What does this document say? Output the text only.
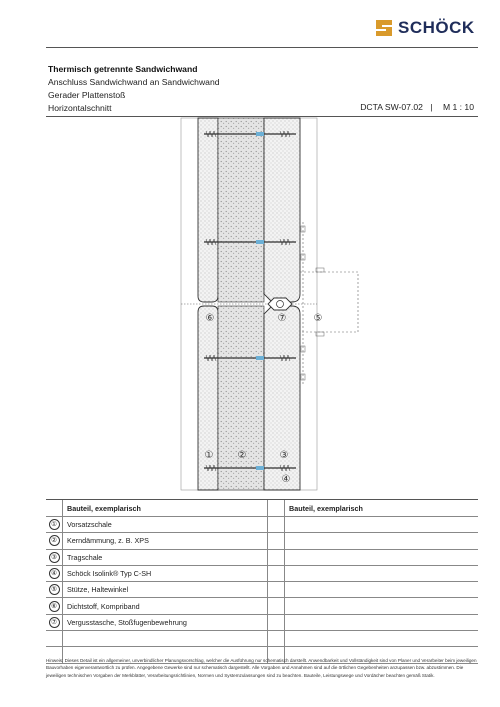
SCHÖCK
Thermisch getrennte Sandwichwand
Anschluss Sandwichwand an Sandwichwand
Gerader Plattenstoß
Horizontalschnitt	DCTA SW-07.02 | M 1 : 10
⑥	⑦	⑤
① ②	③
④
	Bauteil, exemplarisch		Bauteil, exemplarisch
①	Vorsatzschale		
②	Kerndämmung, z. B. XPS		
③	Tragschale		
④	Schöck Isolink® Typ C-SH		
⑤	Stütze, Haltewinkel		
⑥	Dichtstoff, Komprіband		
⑦	Vergusstasche, Stoßfugenbewehrung		

Hinweis: Dieses Detail ist ein allgemeiner, unverbindlicher Planungsvorschlag, welcher die Ausführung nur schematisch darstellt. Anwendbarkeit und Vollständigkeit sind von Planer und Verarbeiter beim jeweiligen Bauvorhaben eigenverantwortlich zu prüfen. Angegebene Gewerke sind nur schematisch dargestellt. Alle Vorgaben und Annahmen sind auf die örtlichen Gegebenheiten anzupassen bzw. abzustimmen. Die jeweiligen technischen Vorgaben der Merkblätter, Verarbeitungsrichtlinien, Normen und Systemzulassungen sind zu beachten. Bauteile, Leistungswege und Vordächer beachten gemäß Statik.
